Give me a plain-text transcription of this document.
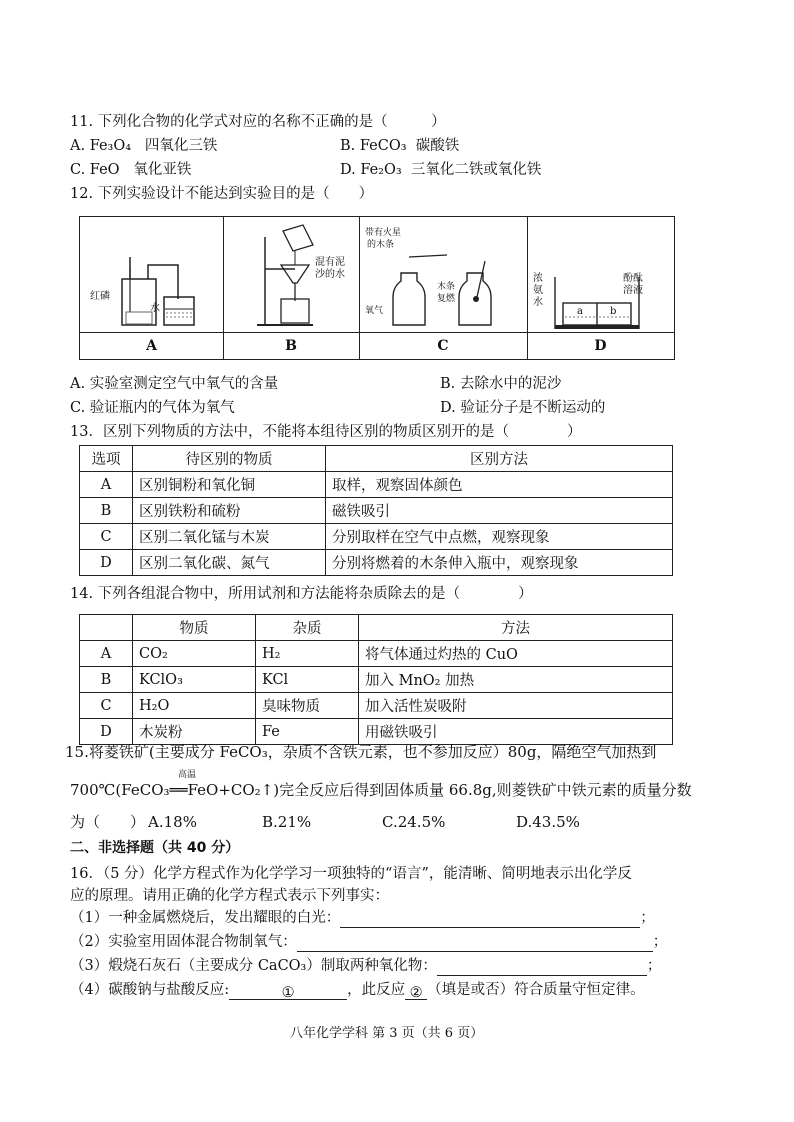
11. 下列化合物的化学式对应的名称不正确的是（　　　）
A. Fe₃O₄ 四氧化三铁	B. FeCO₃ 碳酸铁
C. FeO 氧化亚铁	D. Fe₂O₃ 三氧化二铁或氧化铁
12. 下列实验设计不能达到实验目的是（　　）
红磷
水
A
混有泥
沙的水
B
带有火星
的木条
氧气
木条
复燃
C
浓
氨
水
酚酞
溶液
a	b
D
A. 实验室测定空气中氧气的含量	B. 去除水中的泥沙
C. 验证瓶内的气体为氧气	D. 验证分子是不断运动的
13．区别下列物质的方法中，不能将本组待区别的物质区别开的是（　　　　）
选项	待区别的物质	区别方法
A	区别铜粉和氧化铜	取样，观察固体颜色
B	区别铁粉和硫粉	磁铁吸引
C	区别二氧化锰与木炭	分别取样在空气中点燃，观察现象
D	区别二氧化碳、氮气	分别将燃着的木条伸入瓶中，观察现象
14. 下列各组混合物中，所用试剂和方法能将杂质除去的是（　　　　）
	物质	杂质	方法
A	CO₂	H₂	将气体通过灼热的 CuO
B	KClO₃	KCl	加入 MnO₂ 加热
C	H₂O	臭味物质	加入活性炭吸附
D	木炭粉	Fe	用磁铁吸引
15.将菱铁矿(主要成分 FeCO₃，杂质不含铁元素，也不参加反应）80g，隔绝空气加热到
高温
700℃(FeCO₃══FeO+CO₂↑)完全反应后得到固体质量 66.8g,则菱铁矿中铁元素的质量分数
为（　　） A.18%	B.21%	C.24.5%	D.43.5%
二、非选择题（共 40 分）
16．（5 分）化学方程式作为化学学习一项独特的“语言”，能清晰、简明地表示出化学反
应的原理。请用正确的化学方程式表示下列事实：
（1）一种金属燃烧后，发出耀眼的白光：	；
（2）实验室用固体混合物制氧气：	；
（3）煅烧石灰石（主要成分 CaCO₃）制取两种氧化物：	；
（4）碳酸钠与盐酸反应:	①	，此反应 ② （填是或否）符合质量守恒定律。
八年化学学科 第 3 页（共 6 页）
